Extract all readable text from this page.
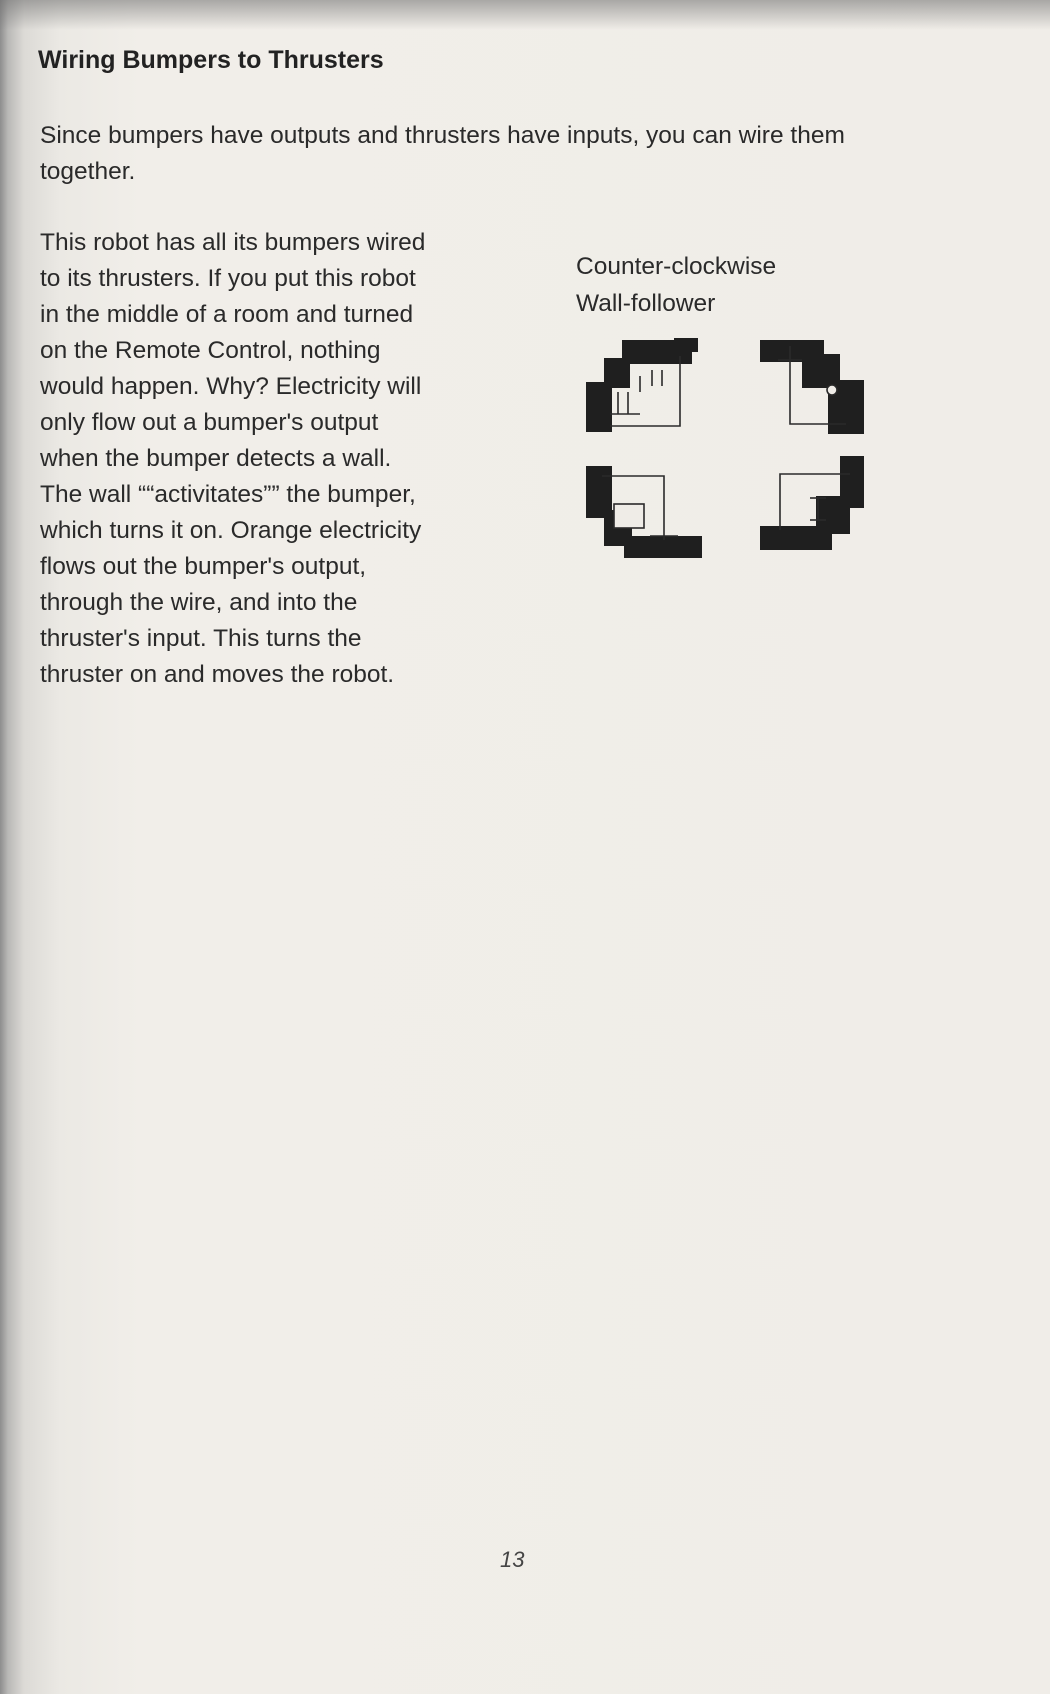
Wiring Bumpers to Thrusters

Since bumpers have outputs and thrusters have inputs, you can wire them together.

This robot has all its bumpers wired
to its thrusters. If you put this robot
in the middle of a room and turned
on the Remote Control, nothing
would happen. Why? Electricity will
only flow out a bumper's output
when the bumper detects a wall.
The wall ““activitates”” the bumper,
which turns it on. Orange electricity
flows out the bumper's output,
through the wire, and into the
thruster's input. This turns the
thruster on and moves the robot.
Counter-clockwise
Wall-follower
13
